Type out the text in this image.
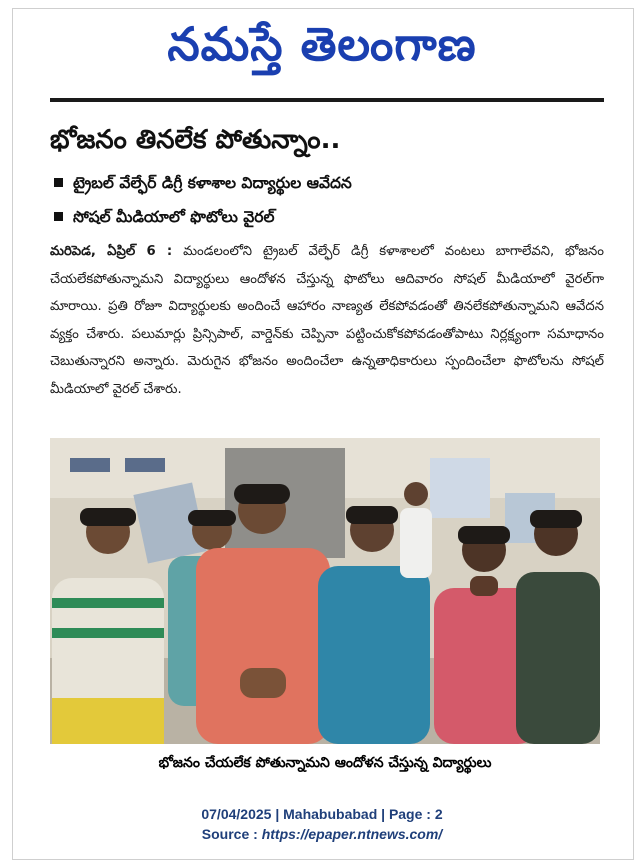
నమస్తే తెలంగాణ
భోజనం తినలేక పోతున్నాం..
ట్రైబల్ వేల్ఫేర్ డిగ్రీ కళాశాల విద్యార్థుల ఆవేదన
సోషల్ మీడియాలో ఫొటోలు వైరల్

మరిపెడ, ఏప్రిల్ 6 : మండలంలోని ట్రైబల్ వేల్ఫేర్ డిగ్రీ కళాశాలలో వంటలు బాగాలేవని, భోజనం చేయలేకపోతున్నామని విద్యార్థులు ఆందోళన చేస్తున్న ఫొటోలు ఆదివారం సోషల్ మీడియాలో వైరల్‌గా మారాయి. ప్రతి రోజూ విద్యార్థులకు అందించే ఆహారం నాణ్యత లేకపోవడంతో తినలేకపోతున్నామని ఆవేదన వ్యక్తం చేశారు. పలుమార్లు ప్రిన్సిపాల్, వార్డెన్‌కు చెప్పినా పట్టించుకోకపోవడంతోపాటు నిర్లక్ష్యంగా సమాధానం చెబుతున్నారని అన్నారు. మెరుగైన భోజనం అందించేలా ఉన్నతాధికారులు స్పందించేలా ఫొటోలను సోషల్ మీడియాలో వైరల్ చేశారు.

భోజనం చేయలేక పోతున్నామని ఆందోళన చేస్తున్న విద్యార్థులు
07/04/2025 | Mahabubabad | Page : 2
Source : https://epaper.ntnews.com/
